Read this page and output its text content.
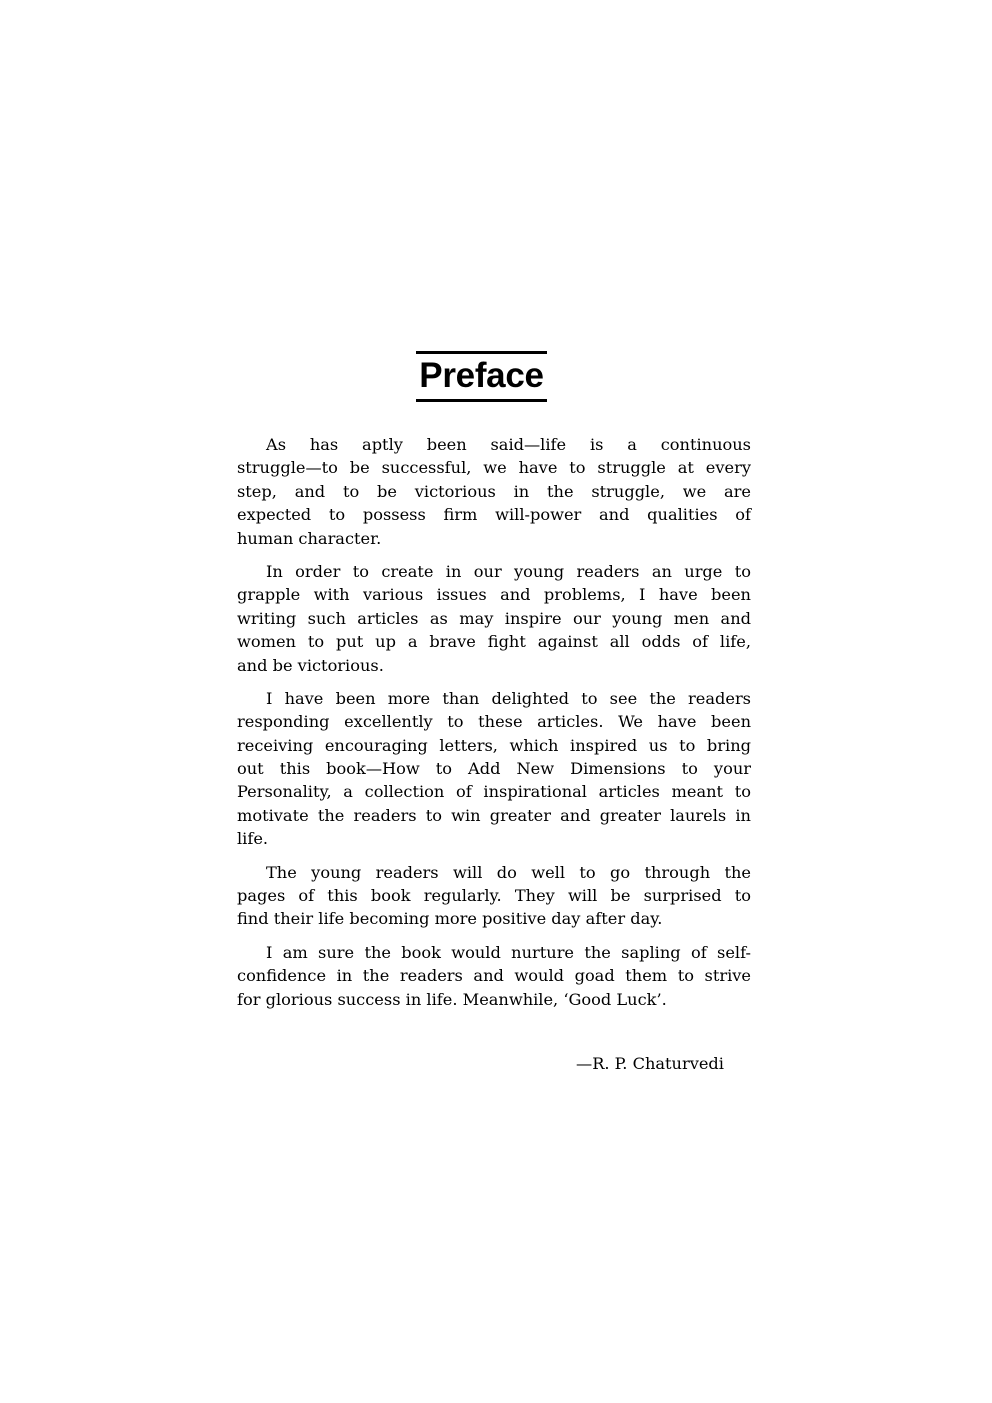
Preface
As has aptly been said—life is a continuous
struggle—to be successful, we have to struggle at every
step, and to be victorious in the struggle, we are
expected to possess firm will-power and qualities of
human character.
In order to create in our young readers an urge to
grapple with various issues and problems, I have been
writing such articles as may inspire our young men and
women to put up a brave fight against all odds of life,
and be victorious.
I have been more than delighted to see the readers
responding excellently to these articles. We have been
receiving encouraging letters, which inspired us to bring
out this book—How to Add New Dimensions to your
Personality, a collection of inspirational articles meant to
motivate the readers to win greater and greater laurels in
life.
The young readers will do well to go through the
pages of this book regularly. They will be surprised to
find their life becoming more positive day after day.
I am sure the book would nurture the sapling of self-
confidence in the readers and would goad them to strive
for glorious success in life. Meanwhile, ‘Good Luck’.
—R. P. Chaturvedi
